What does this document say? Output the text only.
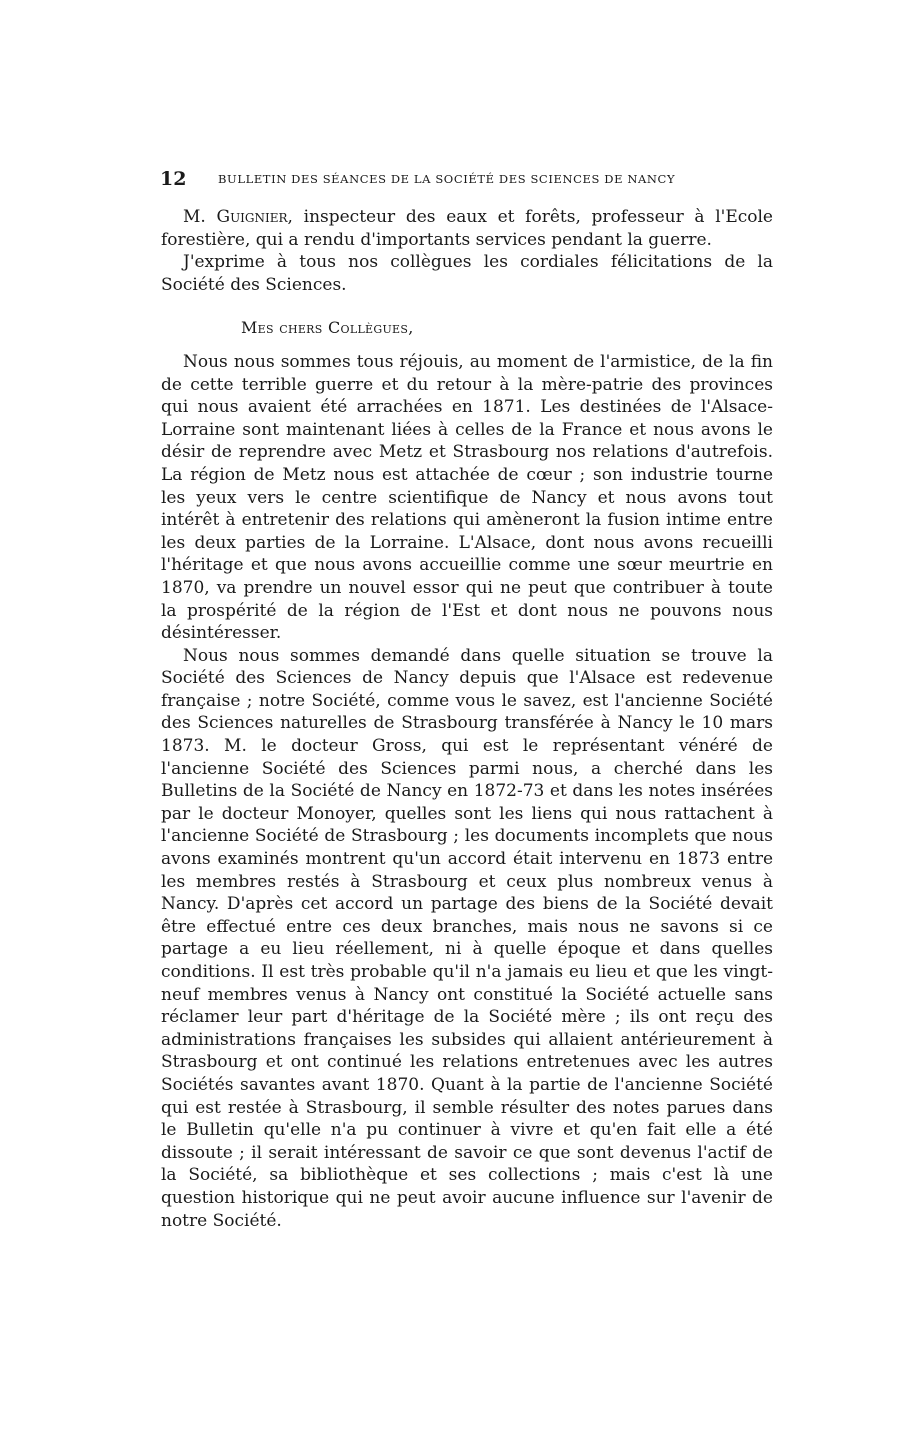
12	BULLETIN DES SÉANCES DE LA SOCIÉTÉ DES SCIENCES DE NANCY

M. Guignier, inspecteur des eaux et forêts, professeur à l'Ecole forestière, qui a rendu d'importants services pendant la guerre.

J'exprime à tous nos collègues les cordiales félicitations de la Société des Sciences.

Mes chers Collègues,

Nous nous sommes tous réjouis, au moment de l'armistice, de la fin de cette terrible guerre et du retour à la mère-patrie des provinces qui nous avaient été arrachées en 1871. Les destinées de l'Alsace-Lorraine sont maintenant liées à celles de la France et nous avons le désir de reprendre avec Metz et Strasbourg nos relations d'autrefois. La région de Metz nous est attachée de cœur ; son industrie tourne les yeux vers le centre scientifique de Nancy et nous avons tout intérêt à entretenir des relations qui amèneront la fusion intime entre les deux parties de la Lorraine. L'Alsace, dont nous avons recueilli l'héritage et que nous avons accueillie comme une sœur meurtrie en 1870, va prendre un nouvel essor qui ne peut que contribuer à toute la prospérité de la région de l'Est et dont nous ne pouvons nous désintéresser.

Nous nous sommes demandé dans quelle situation se trouve la Société des Sciences de Nancy depuis que l'Alsace est redevenue française ; notre Société, comme vous le savez, est l'ancienne Société des Sciences naturelles de Strasbourg transférée à Nancy le 10 mars 1873. M. le docteur Gross, qui est le représentant vénéré de l'ancienne Société des Sciences parmi nous, a cherché dans les Bulletins de la Société de Nancy en 1872-73 et dans les notes insérées par le docteur Monoyer, quelles sont les liens qui nous rattachent à l'ancienne Société de Strasbourg ; les documents incomplets que nous avons examinés montrent qu'un accord était intervenu en 1873 entre les membres restés à Strasbourg et ceux plus nombreux venus à Nancy. D'après cet accord un partage des biens de la Société devait être effectué entre ces deux branches, mais nous ne savons si ce partage a eu lieu réellement, ni à quelle époque et dans quelles conditions. Il est très probable qu'il n'a jamais eu lieu et que les vingt-neuf membres venus à Nancy ont constitué la Société actuelle sans réclamer leur part d'héritage de la Société mère ; ils ont reçu des administrations françaises les subsides qui allaient antérieurement à Strasbourg et ont continué les relations entretenues avec les autres Sociétés savantes avant 1870. Quant à la partie de l'ancienne Société qui est restée à Strasbourg, il semble résulter des notes parues dans le Bulletin qu'elle n'a pu continuer à vivre et qu'en fait elle a été dissoute ; il serait intéressant de savoir ce que sont devenus l'actif de la Société, sa bibliothèque et ses collections ; mais c'est là une question historique qui ne peut avoir aucune influence sur l'avenir de notre Société.
